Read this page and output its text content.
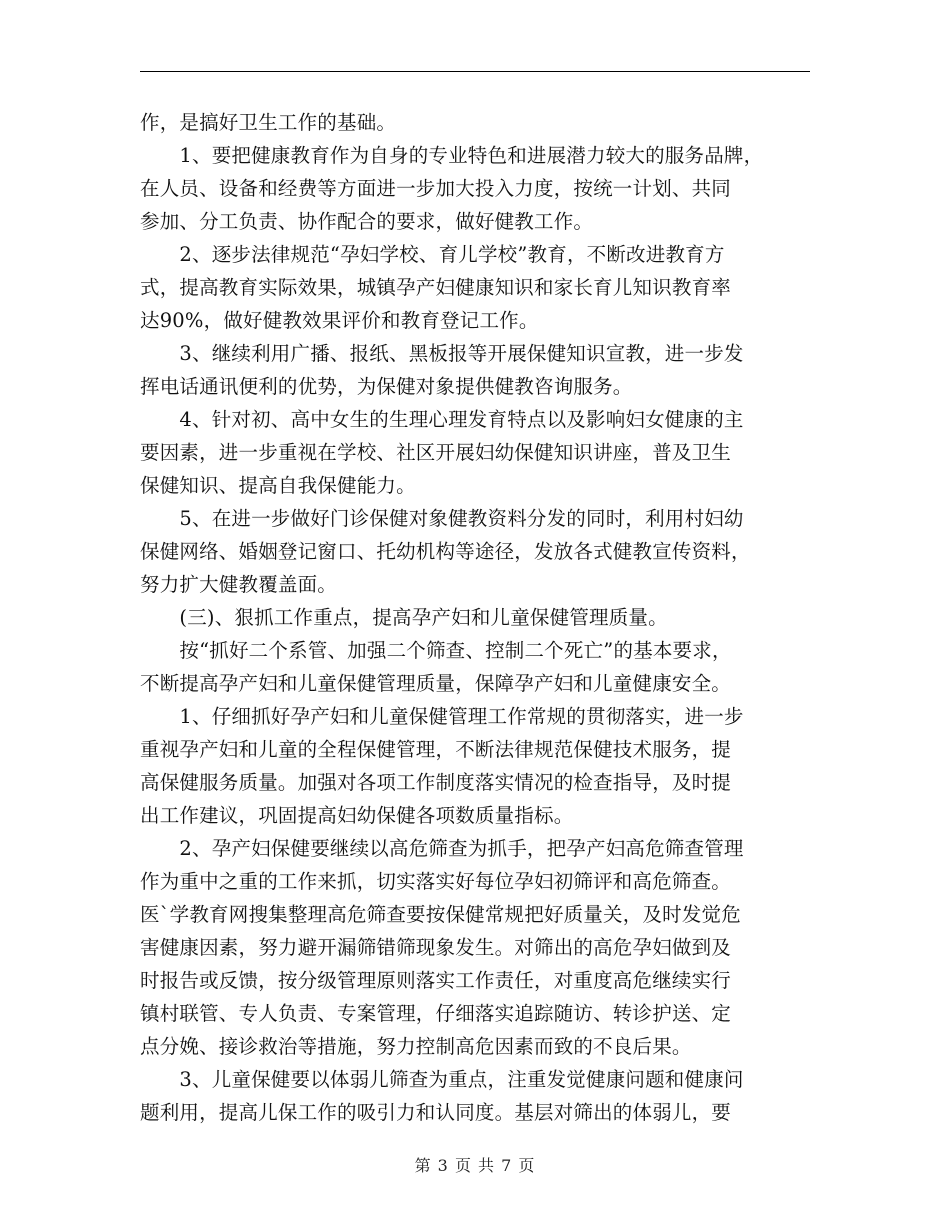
作，是搞好卫生工作的基础。
　　1、要把健康教育作为自身的专业特色和进展潜力较大的服务品牌，
在人员、设备和经费等方面进一步加大投入力度，按统一计划、共同
参加、分工负责、协作配合的要求，做好健教工作。
　　2、逐步法律规范“孕妇学校、育儿学校”教育，不断改进教育方
式，提高教育实际效果，城镇孕产妇健康知识和家长育儿知识教育率
达90%，做好健教效果评价和教育登记工作。
　　3、继续利用广播、报纸、黑板报等开展保健知识宣教，进一步发
挥电话通讯便利的优势，为保健对象提供健教咨询服务。
　　4、针对初、高中女生的生理心理发育特点以及影响妇女健康的主
要因素，进一步重视在学校、社区开展妇幼保健知识讲座，普及卫生
保健知识、提高自我保健能力。
　　5、在进一步做好门诊保健对象健教资料分发的同时，利用村妇幼
保健网络、婚姻登记窗口、托幼机构等途径，发放各式健教宣传资料，
努力扩大健教覆盖面。
　　(三)、狠抓工作重点，提高孕产妇和儿童保健管理质量。
　　按“抓好二个系管、加强二个筛查、控制二个死亡”的基本要求，
不断提高孕产妇和儿童保健管理质量，保障孕产妇和儿童健康安全。
　　1、仔细抓好孕产妇和儿童保健管理工作常规的贯彻落实，进一步
重视孕产妇和儿童的全程保健管理，不断法律规范保健技术服务，提
高保健服务质量。加强对各项工作制度落实情况的检查指导，及时提
出工作建议，巩固提高妇幼保健各项数质量指标。
　　2、孕产妇保健要继续以高危筛查为抓手，把孕产妇高危筛查管理
作为重中之重的工作来抓，切实落实好每位孕妇初筛评和高危筛查。
医`学教育网搜集整理高危筛查要按保健常规把好质量关，及时发觉危
害健康因素，努力避开漏筛错筛现象发生。对筛出的高危孕妇做到及
时报告或反馈，按分级管理原则落实工作责任，对重度高危继续实行
镇村联管、专人负责、专案管理，仔细落实追踪随访、转诊护送、定
点分娩、接诊救治等措施，努力控制高危因素而致的不良后果。
　　3、儿童保健要以体弱儿筛查为重点，注重发觉健康问题和健康问
题利用，提高儿保工作的吸引力和认同度。基层对筛出的体弱儿，要
第 3 页 共 7 页
